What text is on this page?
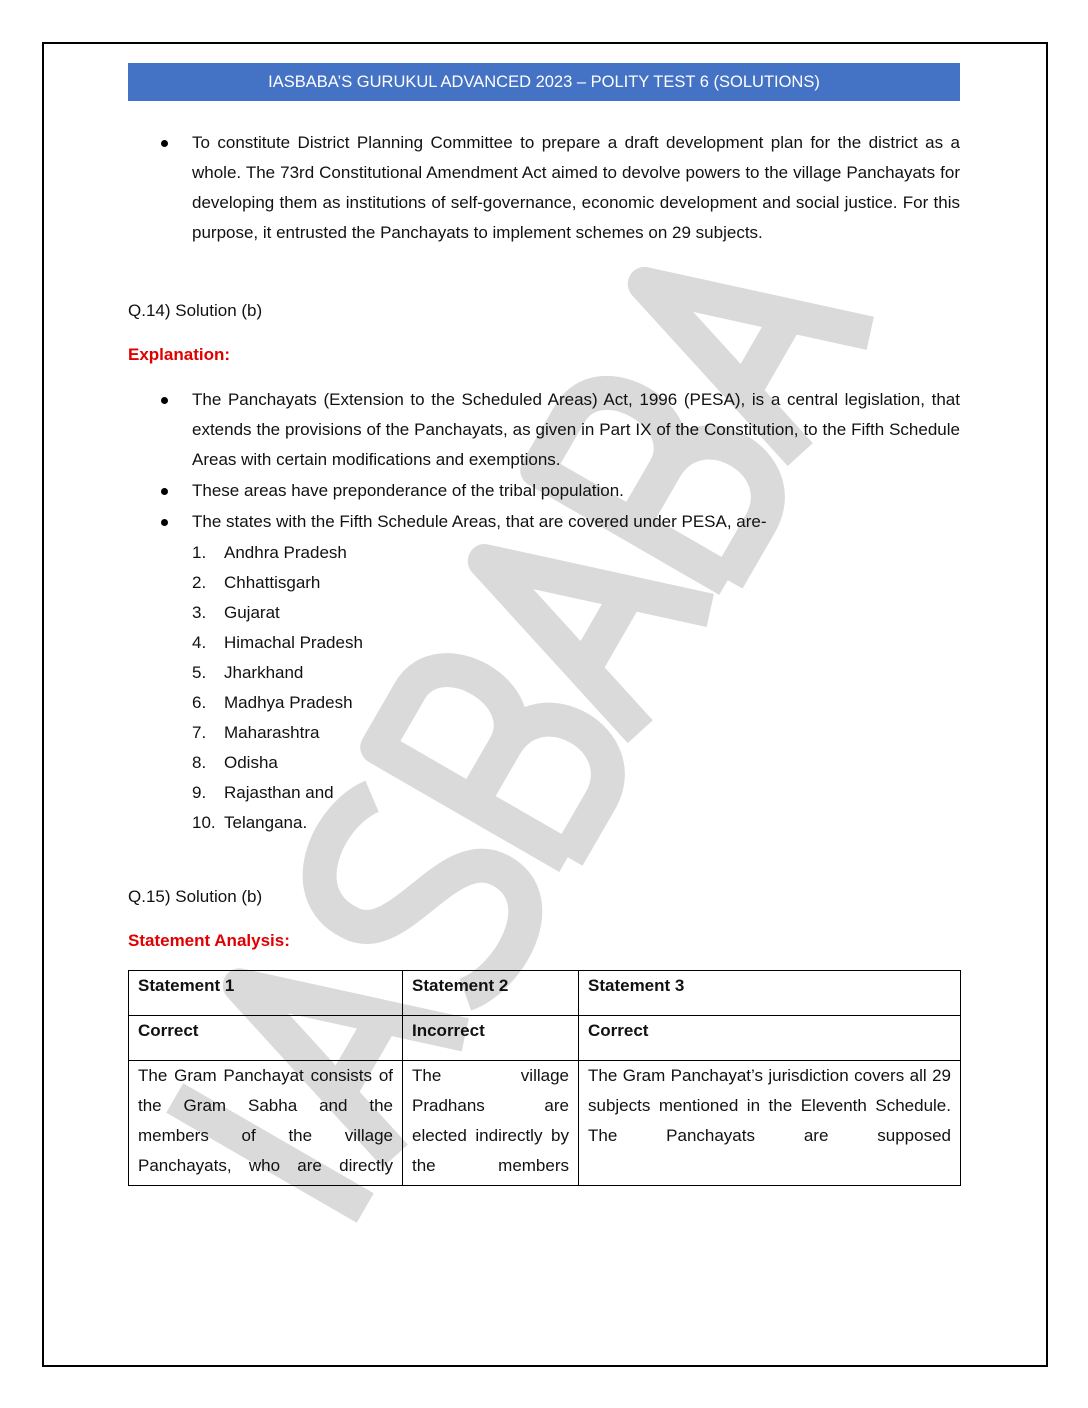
IASBABA’S GURUKUL ADVANCED 2023 – POLITY TEST 6 (SOLUTIONS)
To constitute District Planning Committee to prepare a draft development plan for the district as a whole. The 73rd Constitutional Amendment Act aimed to devolve powers to the village Panchayats for developing them as institutions of self-governance, economic development and social justice. For this purpose, it entrusted the Panchayats to implement schemes on 29 subjects.

Q.14) Solution (b)

Explanation:

The Panchayats (Extension to the Scheduled Areas) Act, 1996 (PESA), is a central legislation, that extends the provisions of the Panchayats, as given in Part IX of the Constitution, to the Fifth Schedule Areas with certain modifications and exemptions.
These areas have preponderance of the tribal population.
The states with the Fifth Schedule Areas, that are covered under PESA, are-
1.	Andhra Pradesh
2.	Chhattisgarh
3.	Gujarat
4.	Himachal Pradesh
5.	Jharkhand
6.	Madhya Pradesh
7.	Maharashtra
8.	Odisha
9.	Rajasthan and
10. Telangana.

Q.15) Solution (b)

Statement Analysis:

Statement 1	Statement 2	Statement 3
Correct	Incorrect	Correct
The Gram Panchayat consists of the Gram Sabha and the members of the village Panchayats, who are directly	The village Pradhans are elected indirectly by the members	The Gram Panchayat’s jurisdiction covers all 29 subjects mentioned in the Eleventh Schedule. The Panchayats are supposed
